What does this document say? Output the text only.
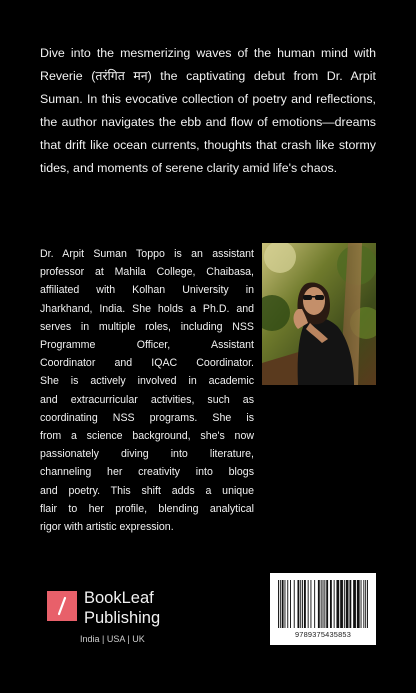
Dive into the mesmerizing waves of the human mind with Reverie (तरंगित मन) the captivating debut from Dr. Arpit Suman. In this evocative collection of poetry and reflections, the author navigates the ebb and flow of emotions—dreams that drift like ocean currents, thoughts that crash like stormy tides, and moments of serene clarity amid life's chaos.

Dr. Arpit Suman Toppo is an assistant
professor at Mahila College, Chaibasa,
affiliated with Kolhan University in
Jharkhand, India. She holds a Ph.D. and
serves in multiple roles, including NSS
Programme Officer, Assistant
Coordinator and IQAC Coordinator.
She is actively involved in academic
and extracurricular activities, such as
coordinating NSS programs. She is
from a science background, she's now
passionately diving into literature,
channeling her creativity into blogs
and poetry. This shift adds a unique
flair to her profile, blending analytical
rigor with artistic expression.
BookLeaf
Publishing
India | USA | UK	9789375435853
